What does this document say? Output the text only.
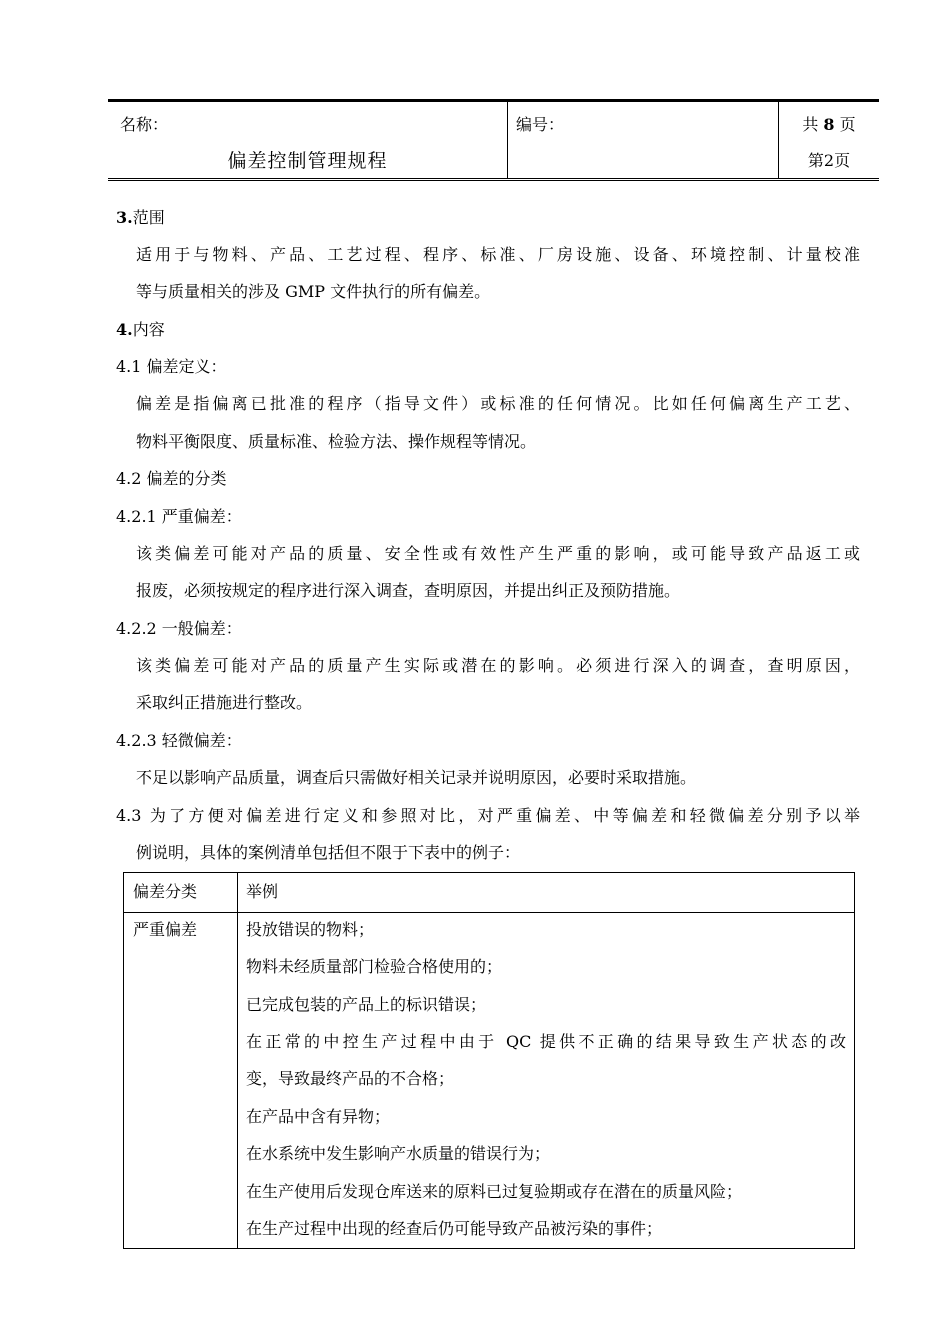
名称：
偏差控制管理规程
编号：	共 8 页
第2页
3.范围
适用于与物料、产品、工艺过程、程序、标准、厂房设施、设备、环境控制、计量校准
等与质量相关的涉及 GMP 文件执行的所有偏差。
4.内容
4.1 偏差定义：
偏差是指偏离已批准的程序（指导文件）或标准的任何情况。比如任何偏离生产工艺、
物料平衡限度、质量标准、检验方法、操作规程等情况。
4.2 偏差的分类
4.2.1 严重偏差：
该类偏差可能对产品的质量、安全性或有效性产生严重的影响，或可能导致产品返工或
报废，必须按规定的程序进行深入调查，查明原因，并提出纠正及预防措施。
4.2.2 一般偏差：
该类偏差可能对产品的质量产生实际或潜在的影响。必须进行深入的调查，查明原因，
采取纠正措施进行整改。
4.2.3 轻微偏差：
不足以影响产品质量，调查后只需做好相关记录并说明原因，必要时采取措施。
4.3 为了方便对偏差进行定义和参照对比，对严重偏差、中等偏差和轻微偏差分别予以举
例说明，具体的案例清单包括但不限于下表中的例子：
偏差分类	举例
严重偏差	投放错误的物料；
物料未经质量部门检验合格使用的；
已完成包装的产品上的标识错误；
在正常的中控生产过程中由于 QC 提供不正确的结果导致生产状态的改
变，导致最终产品的不合格；
在产品中含有异物；
在水系统中发生影响产水质量的错误行为；
在生产使用后发现仓库送来的原料已过复验期或存在潜在的质量风险；
在生产过程中出现的经查后仍可能导致产品被污染的事件；
